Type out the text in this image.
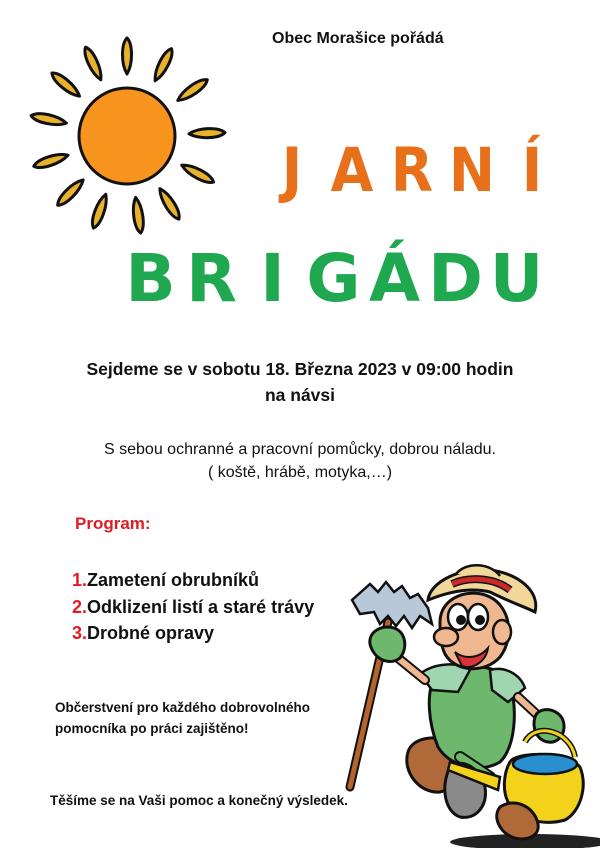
Obec Morašice pořádá
J A R N Í
B R I G Á D U
Sejdeme se v sobotu 18. Března 2023 v 09:00 hodin
na návsi
S sebou ochranné a pracovní pomůcky, dobrou náladu.
( koště, hrábě, motyka,…)
Program:
1.Zametení obrubníků
2.Odklizení listí a staré trávy
3.Drobné opravy
Občerstvení pro každého dobrovolného
pomocníka po práci zajištěno!
Těšíme se na Vaši pomoc a konečný výsledek.
